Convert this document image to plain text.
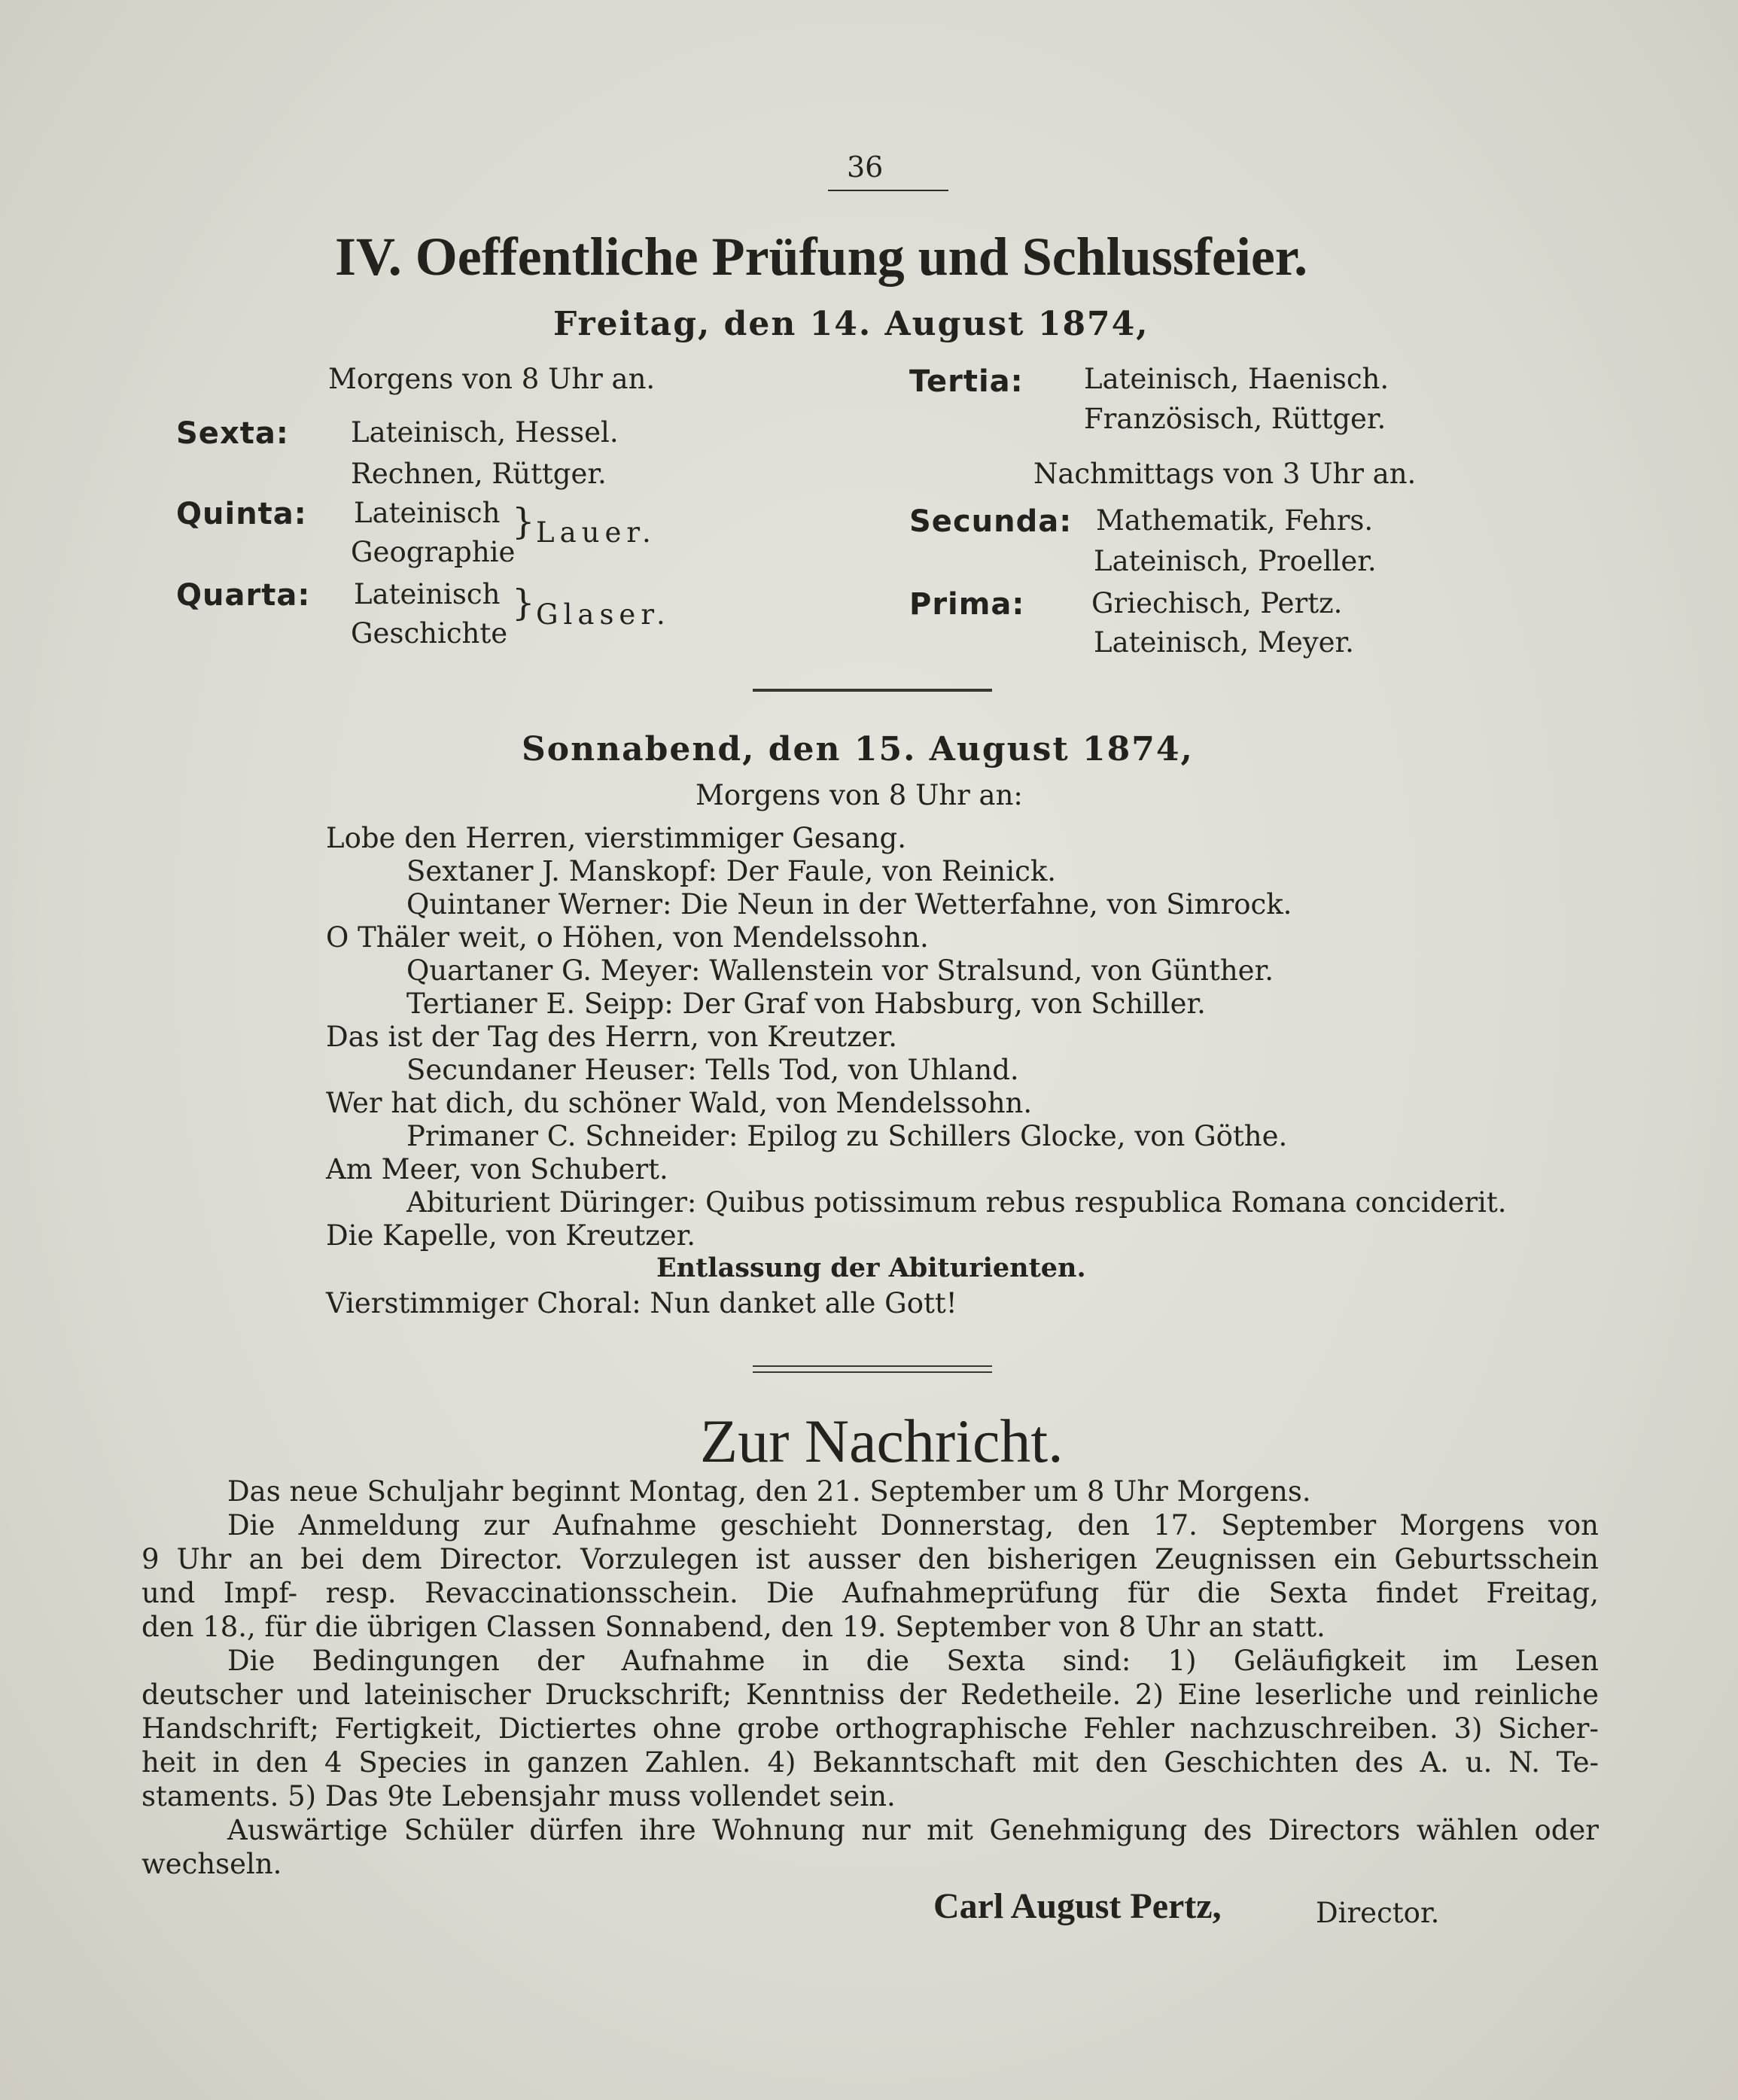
36
IV. Oeffentliche Prüfung und Schlussfeier.
Freitag, den 14. August 1874,
Morgens von 8 Uhr an.
Sexta: Lateinisch, Hessel.
Rechnen, Rüttger.
Quinta: Lateinisch
Geographie
} Lauer.
Quarta: Lateinisch
Geschichte
} Glaser.
Tertia: Lateinisch, Haenisch.
Französisch, Rüttger.
Nachmittags von 3 Uhr an.
Secunda: Mathematik, Fehrs.
Lateinisch, Proeller.
Prima: Griechisch, Pertz.
Lateinisch, Meyer.
Sonnabend, den 15. August 1874,
Morgens von 8 Uhr an:
Lobe den Herren, vierstimmiger Gesang.
Sextaner J. Manskopf: Der Faule, von Reinick.
Quintaner Werner: Die Neun in der Wetterfahne, von Simrock.
O Thäler weit, o Höhen, von Mendelssohn.
Quartaner G. Meyer: Wallenstein vor Stralsund, von Günther.
Tertianer E. Seipp: Der Graf von Habsburg, von Schiller.
Das ist der Tag des Herrn, von Kreutzer.
Secundaner Heuser: Tells Tod, von Uhland.
Wer hat dich, du schöner Wald, von Mendelssohn.
Primaner C. Schneider: Epilog zu Schillers Glocke, von Göthe.
Am Meer, von Schubert.
Abiturient Düringer: Quibus potissimum rebus respublica Romana conciderit.
Die Kapelle, von Kreutzer.
Entlassung der Abiturienten.
Vierstimmiger Choral: Nun danket alle Gott!
Zur Nachricht.
Das neue Schuljahr beginnt Montag, den 21. September um 8 Uhr Morgens.
Die Anmeldung zur Aufnahme geschieht Donnerstag, den 17. September Morgens von
9 Uhr an bei dem Director. Vorzulegen ist ausser den bisherigen Zeugnissen ein Geburtsschein
und Impf- resp. Revaccinationsschein. Die Aufnahmeprüfung für die Sexta findet Freitag,
den 18., für die übrigen Classen Sonnabend, den 19. September von 8 Uhr an statt.
Die Bedingungen der Aufnahme in die Sexta sind: 1) Geläufigkeit im Lesen
deutscher und lateinischer Druckschrift; Kenntniss der Redetheile. 2) Eine leserliche und reinliche
Handschrift; Fertigkeit, Dictiertes ohne grobe orthographische Fehler nachzuschreiben. 3) Sicher-
heit in den 4 Species in ganzen Zahlen. 4) Bekanntschaft mit den Geschichten des A. u. N. Te-
staments. 5) Das 9te Lebensjahr muss vollendet sein.
Auswärtige Schüler dürfen ihre Wohnung nur mit Genehmigung des Directors wählen oder
wechseln.
Carl August Pertz,	Director.
